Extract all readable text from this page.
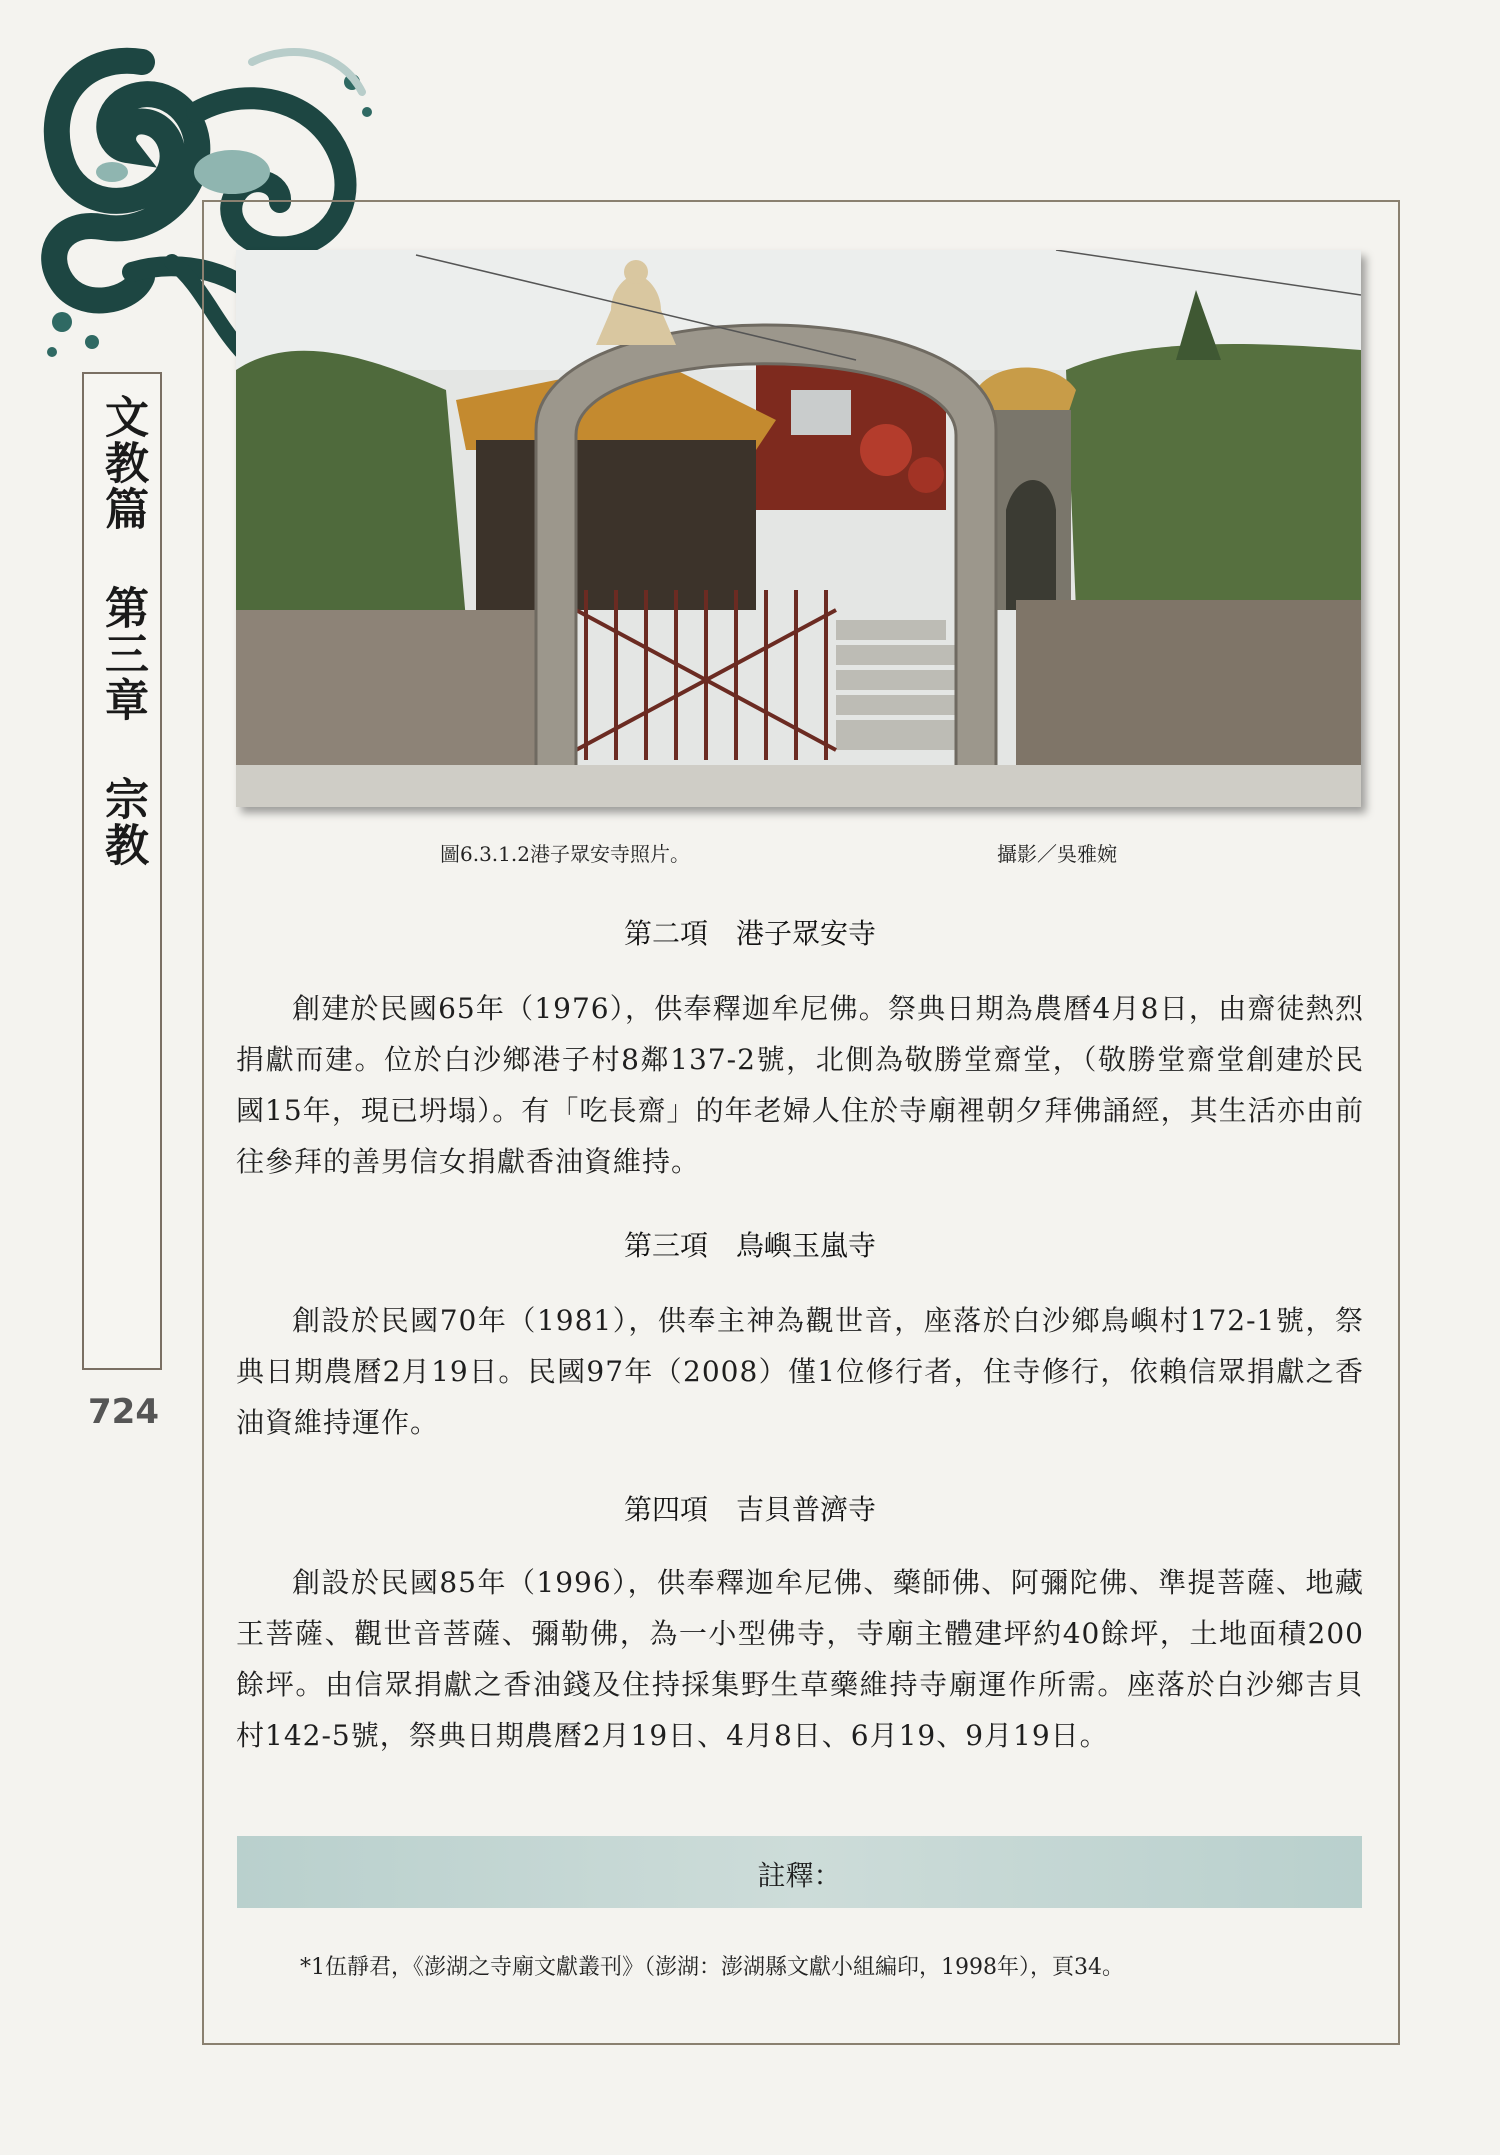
文教篇 第三章 宗教
724
圖6.3.1.2港子眾安寺照片。	攝影／吳雅婉
第二項　港子眾安寺

創建於民國65年（1976），供奉釋迦牟尼佛。祭典日期為農曆4月8日，由齋徒熱烈捐獻而建。位於白沙鄉港子村8鄰137-2號，北側為敬勝堂齋堂，（敬勝堂齋堂創建於民國15年，現已坍塌）。有「吃長齋」的年老婦人住於寺廟裡朝夕拜佛誦經，其生活亦由前往參拜的善男信女捐獻香油資維持。

第三項　鳥嶼玉嵐寺

創設於民國70年（1981），供奉主神為觀世音，座落於白沙鄉鳥嶼村172-1號，祭典日期農曆2月19日。民國97年（2008）僅1位修行者，住寺修行，依賴信眾捐獻之香油資維持運作。

第四項　吉貝普濟寺

創設於民國85年（1996），供奉釋迦牟尼佛、藥師佛、阿彌陀佛、準提菩薩、地藏王菩薩、觀世音菩薩、彌勒佛，為一小型佛寺，寺廟主體建坪約40餘坪，土地面積200餘坪。由信眾捐獻之香油錢及住持採集野生草藥維持寺廟運作所需。座落於白沙鄉吉貝村142-5號，祭典日期農曆2月19日、4月8日、6月19、9月19日。

註釋：
*1伍靜君，《澎湖之寺廟文獻叢刊》（澎湖：澎湖縣文獻小組編印，1998年），頁34。
